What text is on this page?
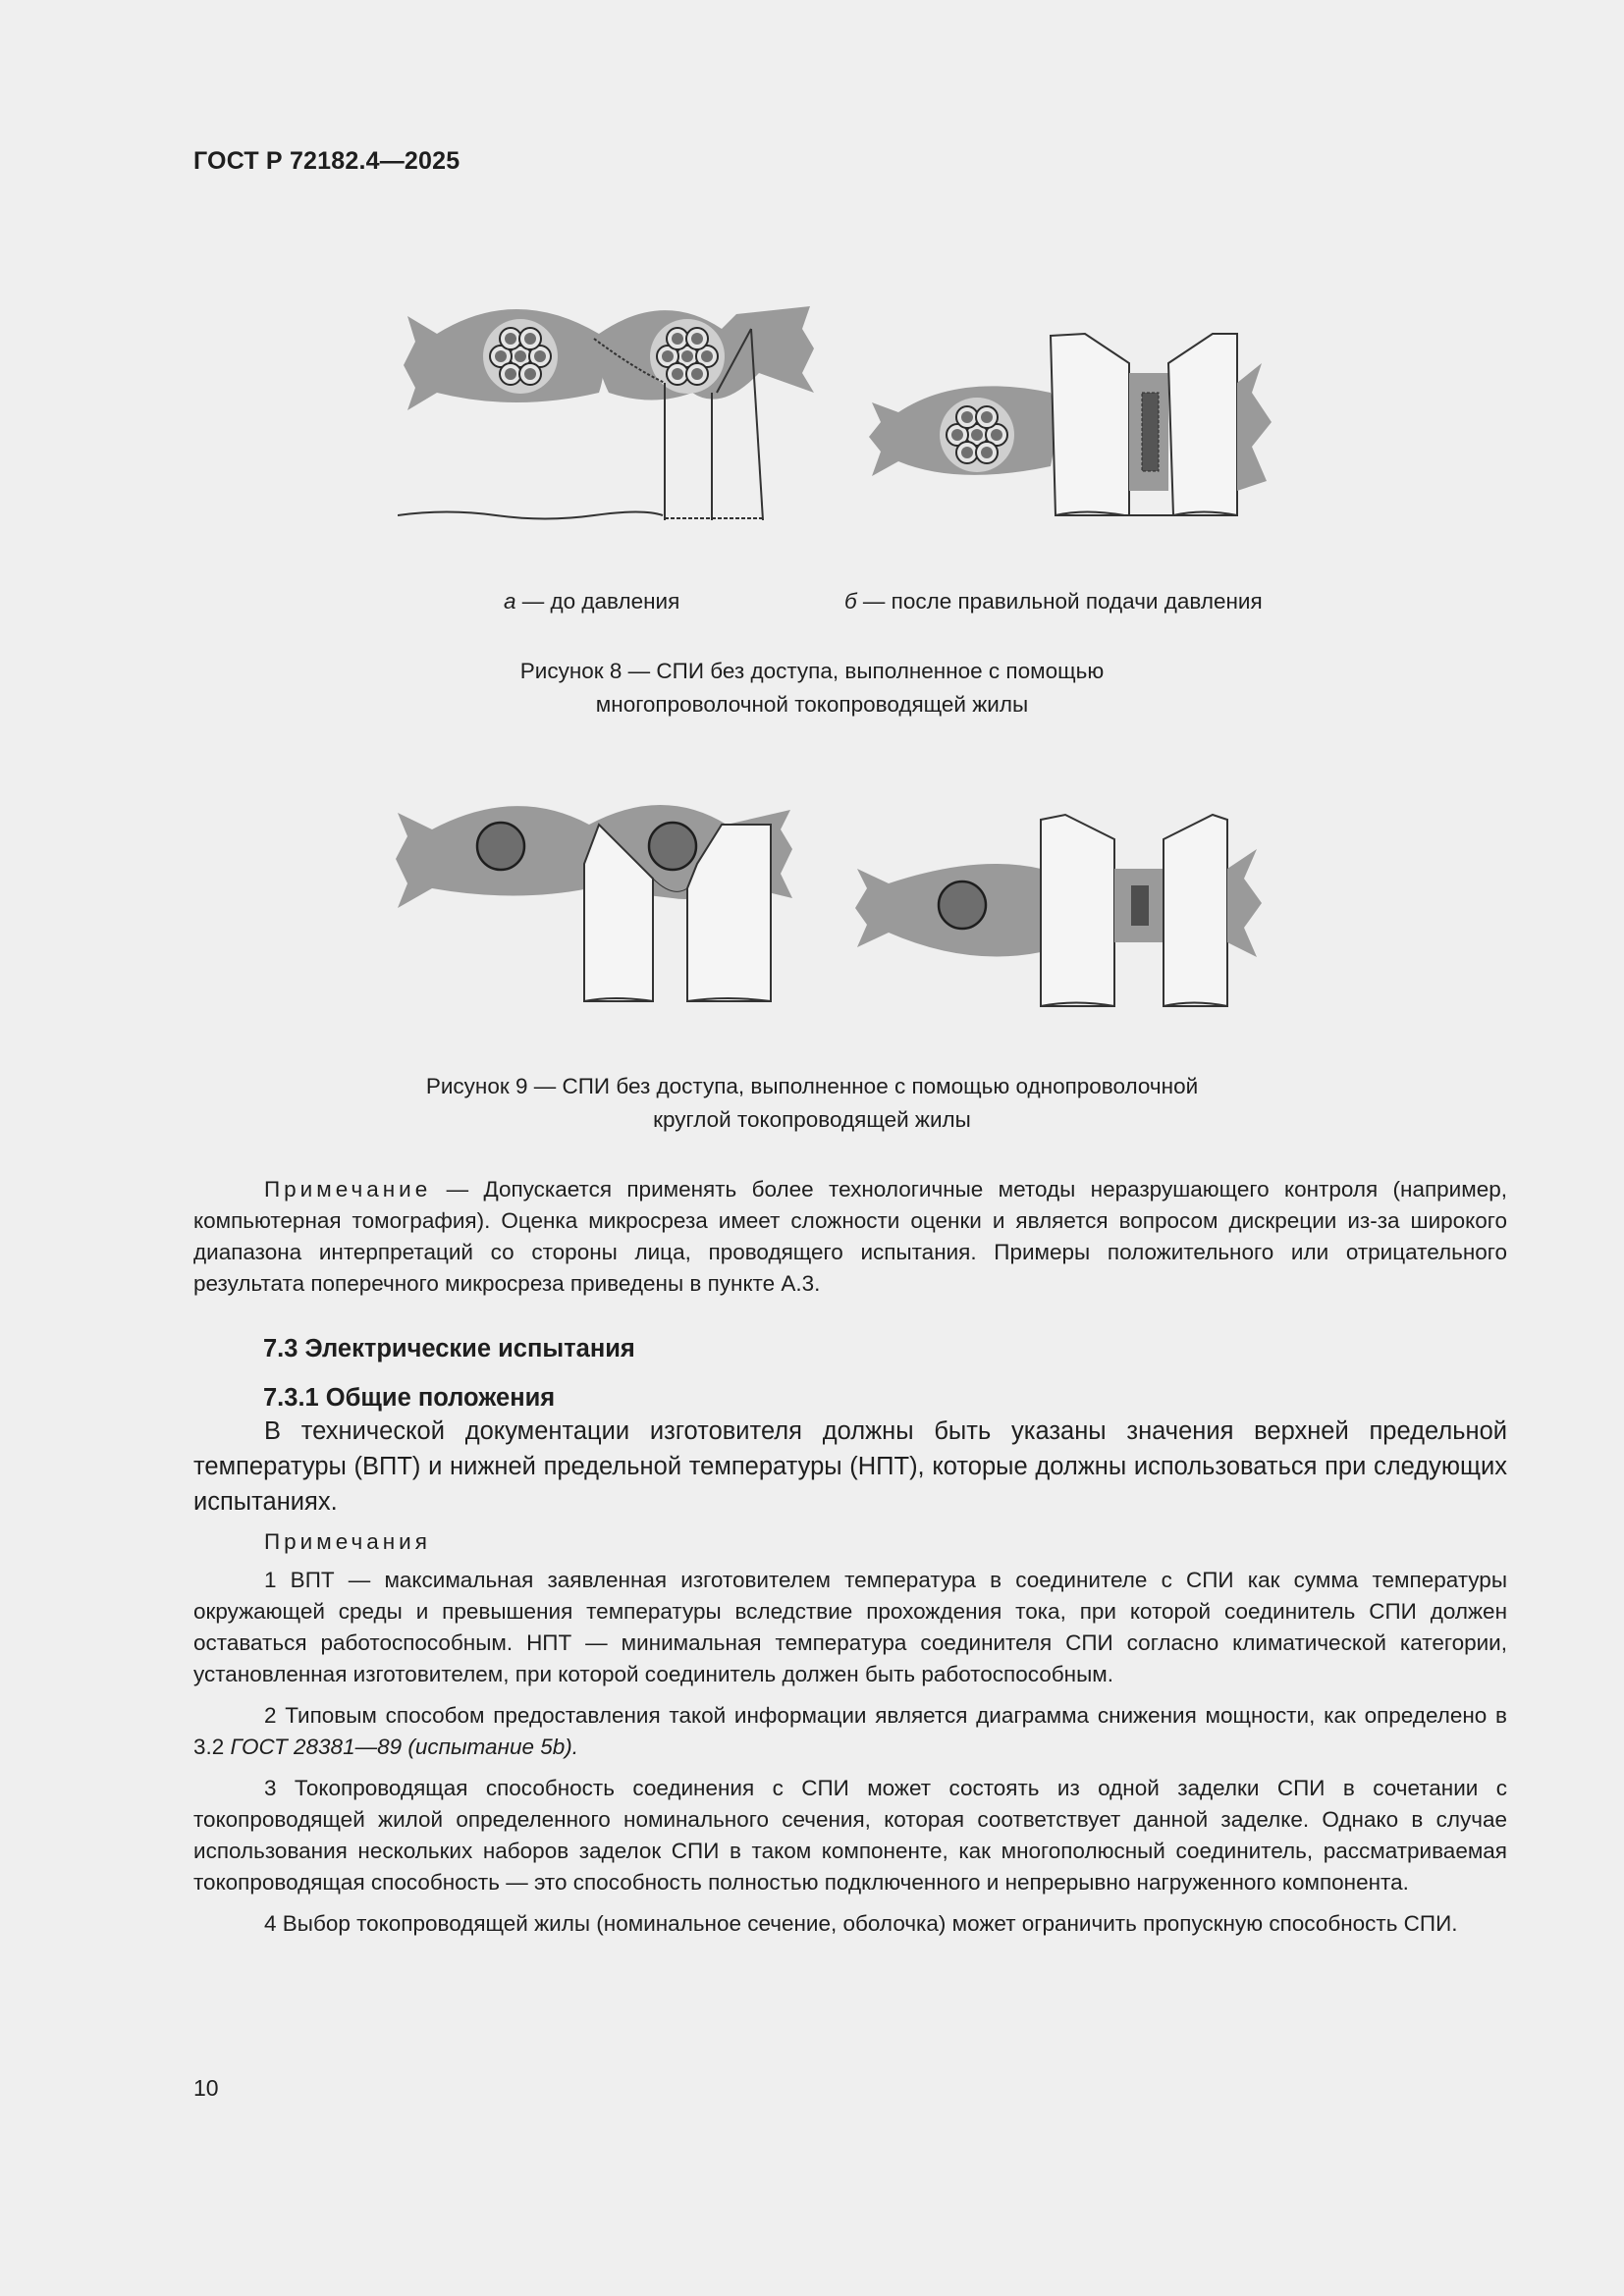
ГОСТ Р 72182.4—2025
а — до давления	б — после правильной подачи давления
Рисунок 8 — СПИ без доступа, выполненное с помощью
многопроволочной токопроводящей жилы
Рисунок 9 — СПИ без доступа, выполненное с помощью однопроволочной
круглой токопроводящей жилы

Примечание — Допускается применять более технологичные методы неразрушающего контроля (например, компьютерная томография). Оценка микросреза имеет сложности оценки и является вопросом дискреции из-за широкого диапазона интерпретаций со стороны лица, проводящего испытания. Примеры положительного или отрицательного результата поперечного микросреза приведены в пункте А.3.

7.3 Электрические испытания
7.3.1 Общие положения

В технической документации изготовителя должны быть указаны значения верхней предельной температуры (ВПТ) и нижней предельной температуры (НПТ), которые должны использоваться при следующих испытаниях.

Примечания

1 ВПТ — максимальная заявленная изготовителем температура в соединителе с СПИ как сумма температуры окружающей среды и превышения температуры вследствие прохождения тока, при которой соединитель СПИ должен оставаться работоспособным. НПТ — минимальная температура соединителя СПИ согласно климатической категории, установленная изготовителем, при которой соединитель должен быть работоспособным.

2 Типовым способом предоставления такой информации является диаграмма снижения мощности, как определено в 3.2 ГОСТ 28381—89 (испытание 5b).

3 Токопроводящая способность соединения с СПИ может состоять из одной заделки СПИ в сочетании с токопроводящей жилой определенного номинального сечения, которая соответствует данной заделке. Однако в случае использования нескольких наборов заделок СПИ в таком компоненте, как многополюсный соединитель, рассматриваемая токопроводящая способность — это способность полностью подключенного и непрерывно нагруженного компонента.

4 Выбор токопроводящей жилы (номинальное сечение, оболочка) может ограничить пропускную способность СПИ.

10
